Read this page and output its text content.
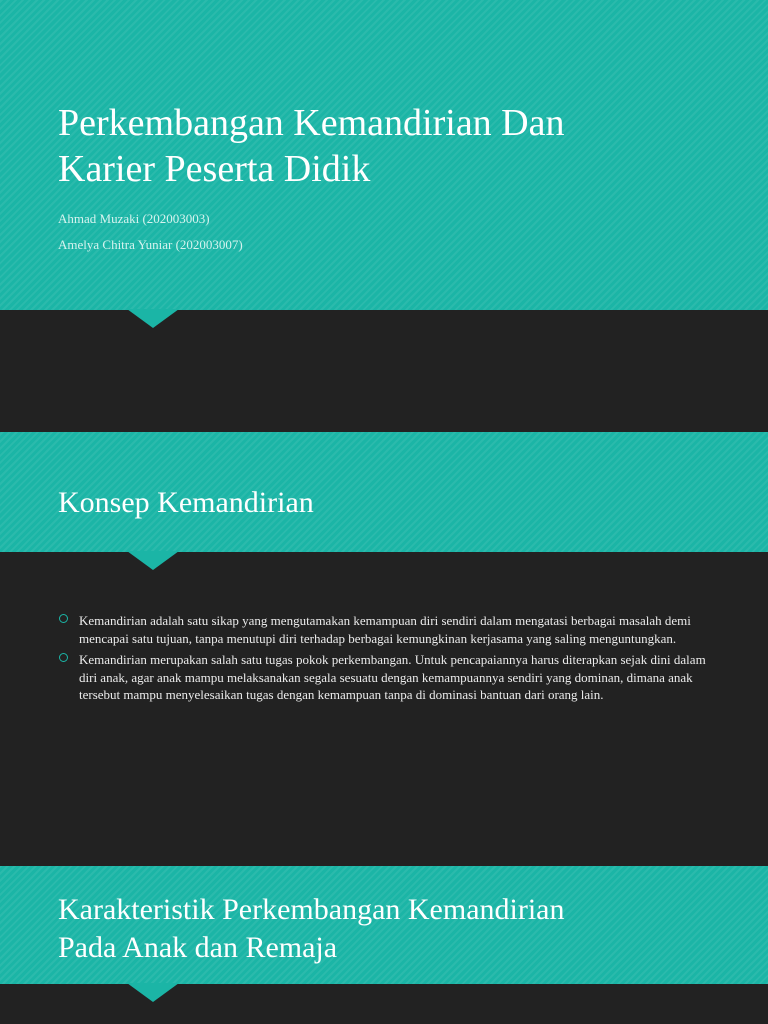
Perkembangan Kemandirian Dan
Karier Peserta Didik

Ahmad Muzaki (202003003)

Amelya Chitra Yuniar (202003007)

Konsep Kemandirian
Kemandirian adalah satu sikap yang mengutamakan kemampuan diri sendiri dalam mengatasi berbagai masalah demi mencapai satu tujuan, tanpa menutupi diri terhadap berbagai kemungkinan kerjasama yang saling menguntungkan.
Kemandirian merupakan salah satu tugas pokok perkembangan. Untuk pencapaiannya harus diterapkan sejak dini dalam diri anak, agar anak mampu melaksanakan segala sesuatu dengan kemampuannya sendiri yang dominan, dimana anak tersebut mampu menyelesaikan tugas dengan kemampuan tanpa di dominasi bantuan dari orang lain.
Karakteristik Perkembangan Kemandirian
Pada Anak dan Remaja
